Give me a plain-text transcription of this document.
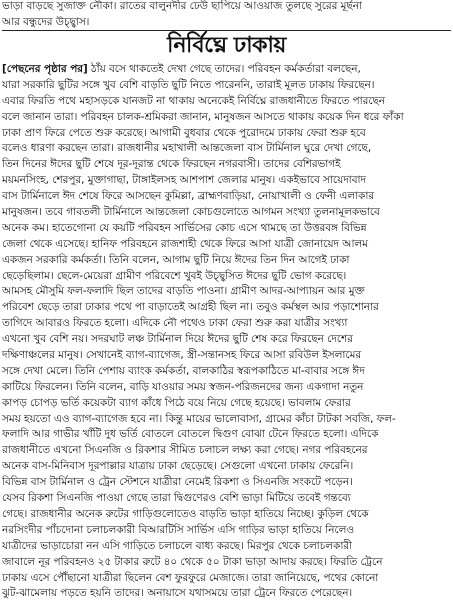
ভাড়া বাড়ছে সুজাক্ত নৌকা। রাতের বালুনদীর ঢেউ ছাপিয়ে আওয়াজ তুলছে সুরের মূর্ছনা
আর বন্ধুদের উচ্ছ্বাস।
নির্বিঘ্নে ঢাকায়
[পেছনের পৃষ্ঠার পর] ঠাঁয় বসে থাকতেই দেখা গেছে তাদের। পরিবহন কর্মকর্তারা বলছেন,
যারা সরকারি ছুটির সঙ্গে খুব বেশি বাড়তি ছুটি নিতে পারেননি, তারাই মূলত ঢাকায় ফিরছেন।
এবার ফিরতি পথে মহাসড়কে যানজট না থাকায় অনেকেই নির্বিঘ্নে রাজধানীতে ফিরতে পারছেন
বলে জানান তারা। পরিবহন চালক-শ্রমিকরা জানান, মানুষজন আসতে থাকায় কয়েক দিন ধরে ফাঁকা
ঢাকা প্রাণ ফিরে পেতে শুরু করেছে। আগামী বুধবার থেকে পুরোদমে ঢাকায় ফেরা শুরু হবে
বলেও ধারণা করছেন তারা। রাজধানীর মহাখালী আন্তজেলা বাস টার্মিনাল ঘুরে দেখা গেছে,
তিন দিনের ঈদের ছুটি শেষে দূর-দূরান্ত থেকে ফিরছেন নগরবাসী। তাদের বেশিরভাগই
ময়মনসিংহ, শেরপুর, মুক্তাগাছা, টাঙ্গাইলসহ আশপাশ জেলার মানুষ। একইভাবে সায়েদাবাদ
বাস টার্মিনালে ঈদ শেষে ফিরে আসছেন কুমিল্লা, ব্রাহ্মণবাড়িয়া, নোয়াখালী ও ফেনী এলাকার
মানুষজন। তবে গাবতলী টার্মিনালে আন্তজেলা কোচগুলোতে আগমন সংখ্যা তুলনামূলকভাবে
অনেক কম। হাতেগোনা যে কয়টি পরিবহন সার্ভিসের কোচ এসে থামছে তা উত্তরবঙ্গ বিভিন্ন
জেলা থেকে এসেছে। হানিফ পরিবহনে রাজশাহী থেকে ফিরে আসা যাত্রী জোনায়েদ আলম
একজন সরকারি কর্মকর্তা। তিনি বলেন, আগাম ছুটি নিয়ে ঈদের তিন দিন আগেই ঢাকা
ছেড়েছিলাম। ছেলে-মেয়েরা গ্রামীণ পরিবেশে খুবই উচ্ছ্বসিত ঈদের ছুটি ভোগ করেছে।
আমসহ মৌসুমি ফল-ফলাদি ছিল তাদের বাড়তি পাওনা। গ্রামীণ আদর-আপ্যায়ন আর মুক্ত
পরিবেশ ছেড়ে তারা ঢাকার পথে পা বাড়াতেই আগ্রহী ছিল না। তবুও কর্মস্থল আর পড়াশোনার
তাগিদে আবারও ফিরতে হলো। এদিকে নৌ পথেও ঢাকা ফেরা শুরু করা যাত্রীর সংখ্যা
এখনো খুব বেশি নয়। সদরঘাট লঞ্চ টার্মিনাল দিয়ে ঈদের ছুটি শেষ করে ফিরছেন দেশের
দক্ষিণাঞ্চলের মানুষ। সেখানেই ব্যাগ-ব্যাগেজ, স্ত্রী-সন্তানসহ ফিরে আসা রবিউল ইসলামের
সঙ্গে দেখা মেলে। তিনি পেশায় ব্যাংক কর্মকর্তা, বালকাঠির স্বরূপকাঠিতে মা-বাবার সঙ্গে ঈদ
কাটিয়ে ফিরলেন। তিনি বলেন, বাড়ি যাওয়ার সময় স্বজন-পরিজনদের জন্য একগাদা নতুন
কাপড় চোপড় ভর্তি কয়েকটা ব্যাগ কাঁধে পিঠে বয়ে নিয়ে গেছে হয়েছে। ভাবলাম ফেরার
সময় হয়তো এও ব্যাগ-ব্যাগেজ হবে না। কিন্তু মায়ের ভালোবাসা, গ্রামের কাঁচা টাটকা সবজি, ফল-
ফলাদি আর গাভীর খাঁটি দুধ ভর্তি বোতলে বোতলে দ্বিগুণ বোঝা টেনে ফিরতে হলো। এদিকে
রাজধানীতে এখনো সিএনজি ও রিকশার সীমিত চলাচল লক্ষ্য করা গেছে। নগর পরিবহনের
অনেক বাস-মিনিবাস দূরপাল্লার যাত্রায় ঢাকা ছেড়েছে। সেগুলো এখনো ঢাকায় ফেরেনি।
বিভিন্ন বাস টার্মিনাল ও ট্রেন স্টেশনে যাত্রীরা নেমেই রিকশা ও সিএনজি সংকটে পড়েন।
যেসব রিকশা সিএনজি পাওয়া গেছে তারা দ্বিগুণেরও বেশি ভাড়া মিটিয়ে তবেই গন্তব্যে
গেছে। রাজধানীর অনেক রুটের গাড়িগুলোতেও বাড়তি ভাড়া হাতিয়ে নিচ্ছে। কুড়িল থেকে
নরসিংদীর পাঁচদোনা চলাচলকারী বিআরটিসি সার্ভিস এসি গাড়ির ভাড়া হাতিয়ে নিলেও
যাত্রীদের ভাড়াচোরা নন এসি গাড়িতে চলাচলে বাধ্য করছে। মিরপুর থেকে চলাচলকারী
জাবালে নূর পরিবহনও ২৫ টাকার রুটে ৪০ থেকে ৫০ টাকা ভাড়া আদায় করছে। ফিরতি ট্রেনে
ঢাকায় এসে পৌঁছানো যাত্রীরা ছিলেন বেশ ফুরফুরে মেজাজে। তারা জানিয়েছে, পথের কোনো
ঝুট-ঝামেলায় পড়তে হয়নি তাদের। অনায়াসে যথাসময়ে তারা ট্রেনে ফিরতে পেরেছেন।
